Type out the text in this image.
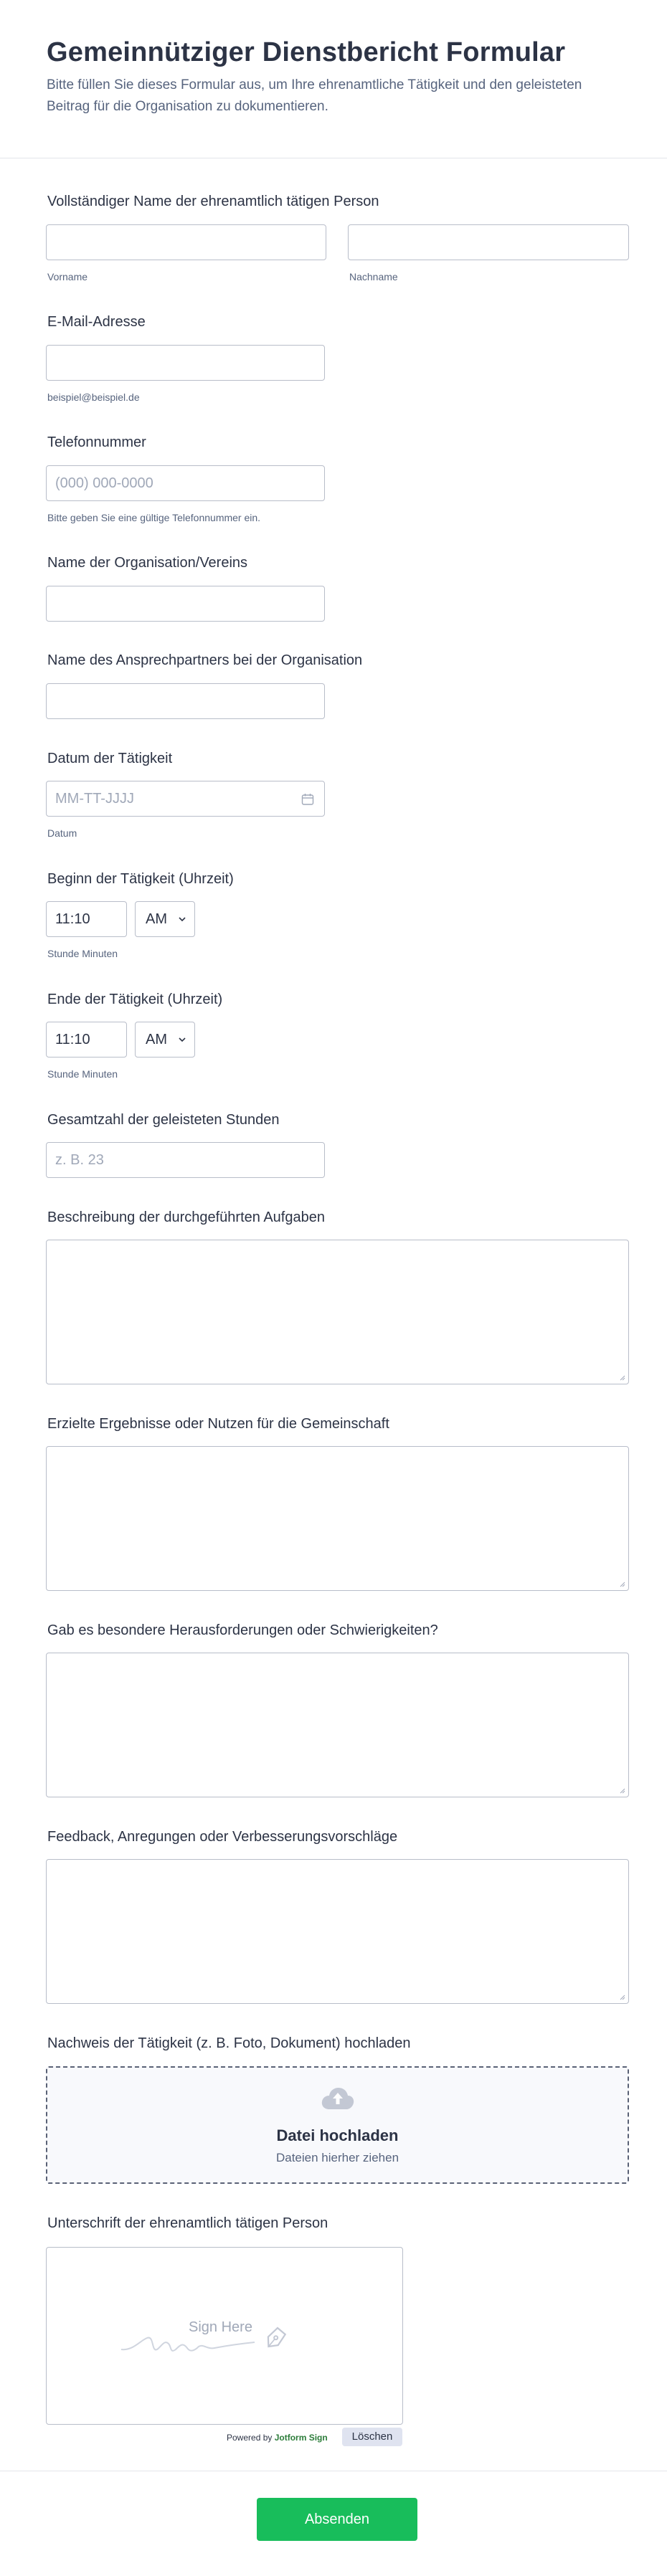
Gemeinnütziger Dienstbericht Formular
Bitte füllen Sie dieses Formular aus, um Ihre ehrenamtliche Tätigkeit und den geleisteten Beitrag für die Organisation zu dokumentieren.
Vollständiger Name der ehrenamtlich tätigen Person
Vorname	Nachname
E-Mail-Adresse
beispiel@beispiel.de
Telefonnummer
(000) 000-0000
Bitte geben Sie eine gültige Telefonnummer ein.
Name der Organisation/Vereins
Name des Ansprechpartners bei der Organisation
Datum der Tätigkeit
MM-TT-JJJJ
Datum
Beginn der Tätigkeit (Uhrzeit)
11:10	AM
Stunde Minuten
Ende der Tätigkeit (Uhrzeit)
11:10	AM
Stunde Minuten
Gesamtzahl der geleisteten Stunden
z. B. 23
Beschreibung der durchgeführten Aufgaben
Erzielte Ergebnisse oder Nutzen für die Gemeinschaft
Gab es besondere Herausforderungen oder Schwierigkeiten?
Feedback, Anregungen oder Verbesserungsvorschläge
Nachweis der Tätigkeit (z. B. Foto, Dokument) hochladen
Datei hochladen
Dateien hierher ziehen
Unterschrift der ehrenamtlich tätigen Person
Sign Here
Powered by Jotform Sign	Löschen
Absenden
